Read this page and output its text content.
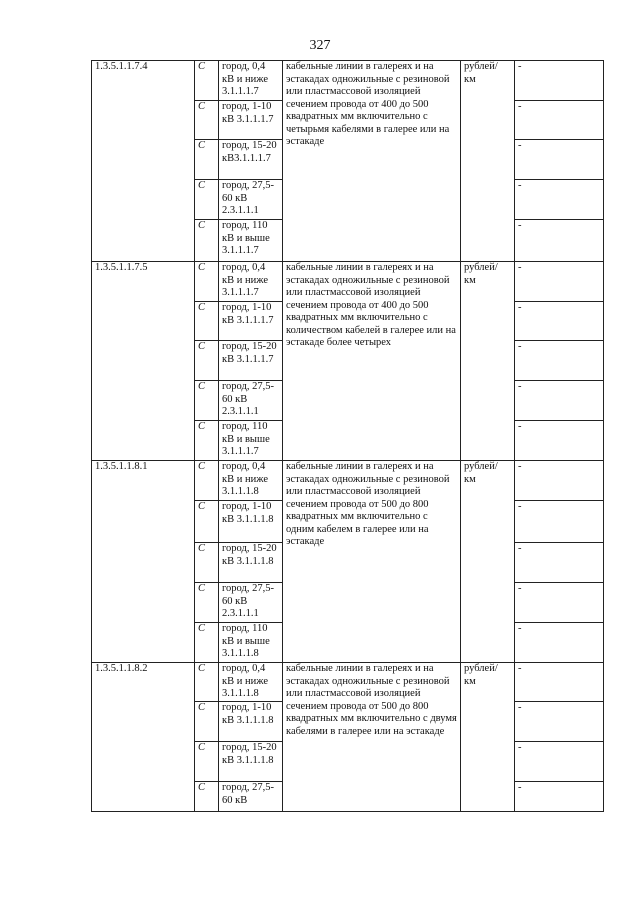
327
1.3.5.1.1.7.4	С	город, 0,4 кВ и ниже 3.1.1.1.7	кабельные линии в галереях и на эстакадах одножильные с резиновой или пластмассовой изоляцией сечением провода от 400 до 500 квадратных мм включительно с четырьмя кабелями в галерее или на эстакаде	рублей/ км	-
	С	город, 1-10 кВ 3.1.1.1.7			-
	С	город, 15-20 кВ3.1.1.1.7			-
	С	город, 27,5-60 кВ 2.3.1.1.1			-
	С	город, 110 кВ и выше 3.1.1.1.7			-
1.3.5.1.1.7.5	С	город, 0,4 кВ и ниже 3.1.1.1.7	кабельные линии в галереях и на эстакадах одножильные с резиновой или пластмассовой изоляцией сечением провода от 400 до 500 квадратных мм включительно с количеством кабелей в галерее или на эстакаде более четырех	рублей/ км	-
	С	город, 1-10 кВ 3.1.1.1.7			-
	С	город, 15-20 кВ 3.1.1.1.7			-
	С	город, 27,5-60 кВ 2.3.1.1.1			-
	С	город, 110 кВ и выше 3.1.1.1.7			-
1.3.5.1.1.8.1	С	город, 0,4 кВ и ниже 3.1.1.1.8	кабельные линии в галереях и на эстакадах одножильные с резиновой или пластмассовой изоляцией сечением провода от 500 до 800 квадратных мм включительно с одним кабелем в галерее или на эстакаде	рублей/ км	-
	С	город, 1-10 кВ 3.1.1.1.8			-
	С	город, 15-20 кВ 3.1.1.1.8			-
	С	город, 27,5-60 кВ 2.3.1.1.1			-
	С	город, 110 кВ и выше 3.1.1.1.8			-
1.3.5.1.1.8.2	С	город, 0,4 кВ и ниже 3.1.1.1.8	кабельные линии в галереях и на эстакадах одножильные с резиновой или пластмассовой изоляцией сечением провода от 500 до 800 квадратных мм включительно с двумя кабелями в галерее или на эстакаде	рублей/ км	-
	С	город, 1-10 кВ 3.1.1.1.8			-
	С	город, 15-20 кВ 3.1.1.1.8			-
	С	город, 27,5-60 кВ			-
